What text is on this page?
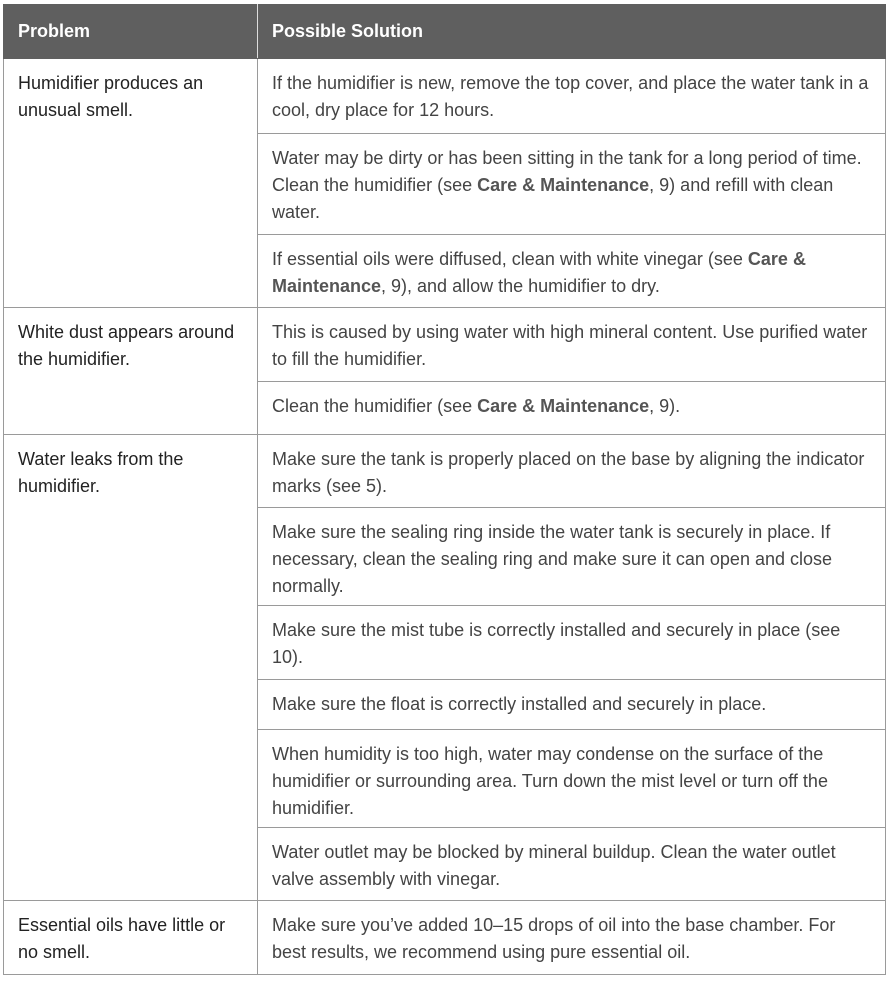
Problem	Possible Solution
Humidifier produces an unusual smell.	If the humidifier is new, remove the top cover, and place the water tank in a cool, dry place for 12 hours.
	Water may be dirty or has been sitting in the tank for a long period of time. Clean the humidifier (see Care & Maintenance, 9) and refill with clean water.
	If essential oils were diffused, clean with white vinegar (see Care & Maintenance, 9), and allow the humidifier to dry.
White dust appears around the humidifier.	This is caused by using water with high mineral content. Use purified water to fill the humidifier.
	Clean the humidifier (see Care & Maintenance, 9).
Water leaks from the humidifier.	Make sure the tank is properly placed on the base by aligning the indicator marks (see 5).
	Make sure the sealing ring inside the water tank is securely in place. If necessary, clean the sealing ring and make sure it can open and close normally.
	Make sure the mist tube is correctly installed and securely in place (see 10).
	Make sure the float is correctly installed and securely in place.
	When humidity is too high, water may condense on the surface of the humidifier or surrounding area. Turn down the mist level or turn off the humidifier.
	Water outlet may be blocked by mineral buildup. Clean the water outlet valve assembly with vinegar.
Essential oils have little or no smell.	Make sure you’ve added 10–15 drops of oil into the base chamber. For best results, we recommend using pure essential oil.
